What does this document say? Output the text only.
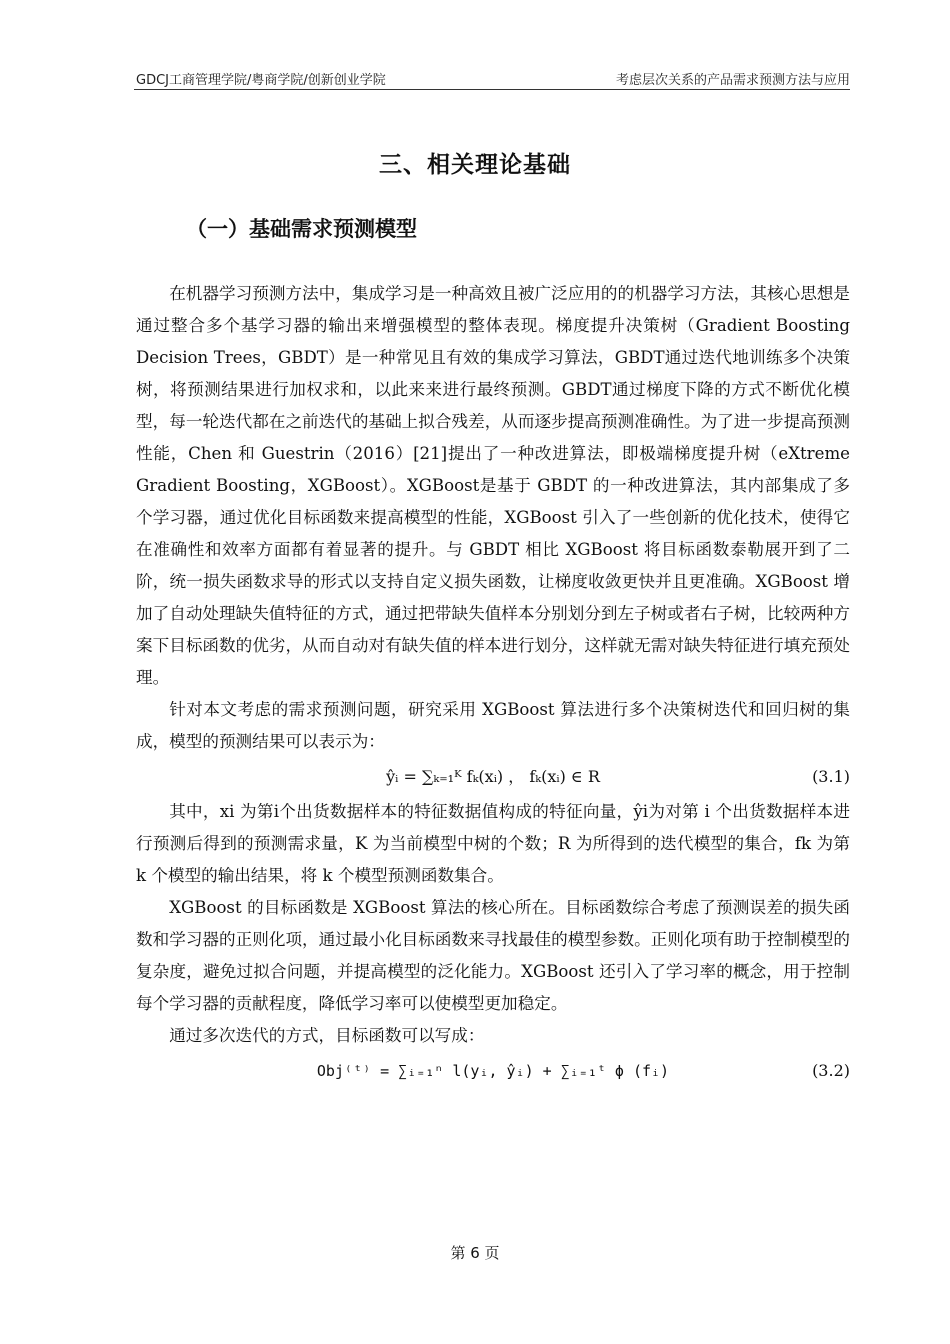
GDCJ工商管理学院/粤商学院/创新创业学院	考虑层次关系的产品需求预测方法与应用
三、相关理论基础
（一）基础需求预测模型

在机器学习预测方法中，集成学习是一种高效且被广泛应用的的机器学习方法，其核心思想是通过整合多个基学习器的输出来增强模型的整体表现。梯度提升决策树（Gradient Boosting Decision Trees，GBDT）是一种常见且有效的集成学习算法，GBDT通过迭代地训练多个决策树，将预测结果进行加权求和，以此来来进行最终预测。GBDT通过梯度下降的方式不断优化模型，每一轮迭代都在之前迭代的基础上拟合残差，从而逐步提高预测准确性。为了进一步提高预测性能，Chen 和 Guestrin（2016）[21]提出了一种改进算法，即极端梯度提升树（eXtreme Gradient Boosting，XGBoost）。XGBoost是基于 GBDT 的一种改进算法，其内部集成了多个学习器，通过优化目标函数来提高模型的性能，XGBoost 引入了一些创新的优化技术，使得它在准确性和效率方面都有着显著的提升。与 GBDT 相比 XGBoost 将目标函数泰勒展开到了二阶，统一损失函数求导的形式以支持自定义损失函数，让梯度收敛更快并且更准确。XGBoost 增加了自动处理缺失值特征的方式，通过把带缺失值样本分别划分到左子树或者右子树，比较两种方案下目标函数的优劣，从而自动对有缺失值的样本进行划分，这样就无需对缺失特征进行填充预处理。

针对本文考虑的需求预测问题，研究采用 XGBoost 算法进行多个决策树迭代和回归树的集成，模型的预测结果可以表示为：

ŷᵢ = ∑ₖ₌₁ᴷ fₖ(xᵢ) ， fₖ(xᵢ) ∈ R	(3.1)

其中，xi 为第i个出货数据样本的特征数据值构成的特征向量，ŷi为对第 i 个出货数据样本进行预测后得到的预测需求量，K 为当前模型中树的个数；R 为所得到的迭代模型的集合，fk 为第 k 个模型的输出结果，将 k 个模型预测函数集合。

XGBoost 的目标函数是 XGBoost 算法的核心所在。目标函数综合考虑了预测误差的损失函数和学习器的正则化项，通过最小化目标函数来寻找最佳的模型参数。正则化项有助于控制模型的复杂度，避免过拟合问题，并提高模型的泛化能力。XGBoost 还引入了学习率的概念，用于控制每个学习器的贡献程度，降低学习率可以使模型更加稳定。

通过多次迭代的方式，目标函数可以写成：

Obj⁽ᵗ⁾ = ∑ᵢ₌₁ⁿ l(yᵢ, ŷᵢ) + ∑ᵢ₌₁ᵗ ϕ (fᵢ)	(3.2)
第 6 页
